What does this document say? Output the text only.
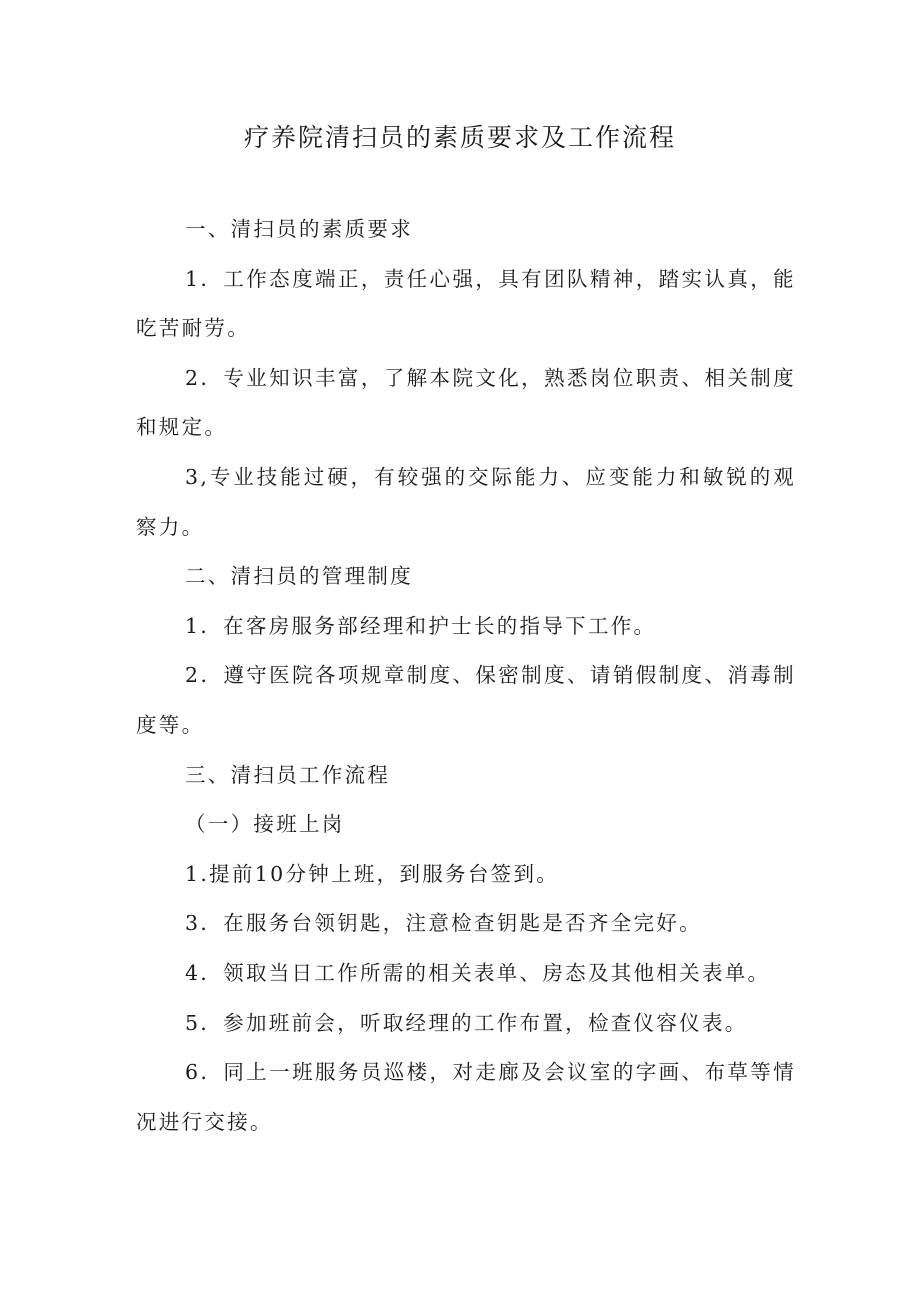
疗养院清扫员的素质要求及工作流程

一、清扫员的素质要求

1．工作态度端正，责任心强，具有团队精神，踏实认真，能吃苦耐劳。

2．专业知识丰富，了解本院文化，熟悉岗位职责、相关制度和规定。

3,专业技能过硬，有较强的交际能力、应变能力和敏锐的观察力。

二、清扫员的管理制度

1．在客房服务部经理和护士长的指导下工作。

2．遵守医院各项规章制度、保密制度、请销假制度、消毒制度等。

三、清扫员工作流程

（一）接班上岗

1.提前10分钟上班，到服务台签到。

3．在服务台领钥匙，注意检查钥匙是否齐全完好。

4．领取当日工作所需的相关表单、房态及其他相关表单。

5．参加班前会，听取经理的工作布置，检查仪容仪表。

6．同上一班服务员巡楼，对走廊及会议室的字画、布草等情况进行交接。
